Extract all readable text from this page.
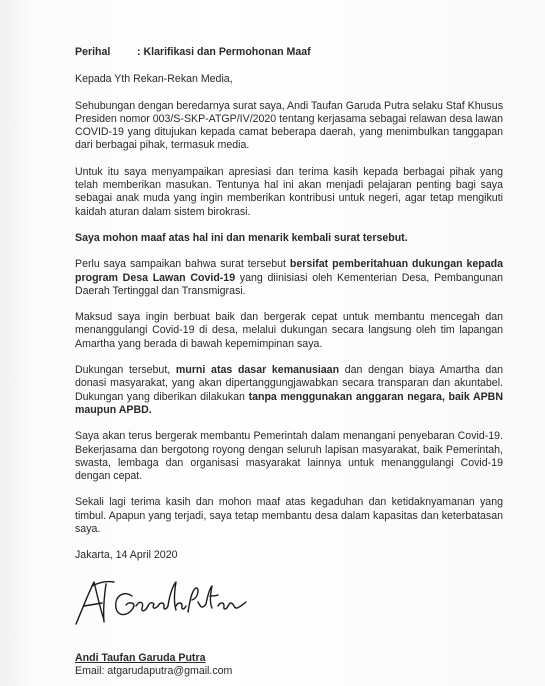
Perihal	: Klarifikasi dan Permohonan Maaf

Kepada Yth Rekan-Rekan Media,

Sehubungan dengan beredarnya surat saya, Andi Taufan Garuda Putra selaku Staf Khusus Presiden nomor 003/S-SKP-ATGP/IV/2020 tentang kerjasama sebagai relawan desa lawan COVID-19 yang ditujukan kepada camat beberapa daerah, yang menimbulkan tanggapan dari berbagai pihak, termasuk media.

Untuk itu saya menyampaikan apresiasi dan terima kasih kepada berbagai pihak yang telah memberikan masukan. Tentunya hal ini akan menjadi pelajaran penting bagi saya sebagai anak muda yang ingin memberikan kontribusi untuk negeri, agar tetap mengikuti kaidah aturan dalam sistem birokrasi.

Saya mohon maaf atas hal ini dan menarik kembali surat tersebut.

Perlu saya sampaikan bahwa surat tersebut bersifat pemberitahuan dukungan kepada program Desa Lawan Covid-19 yang diinisiasi oleh Kementerian Desa, Pembangunan Daerah Tertinggal dan Transmigrasi.

Maksud saya ingin berbuat baik dan bergerak cepat untuk membantu mencegah dan menanggulangi Covid-19 di desa, melalui dukungan secara langsung oleh tim lapangan Amartha yang berada di bawah kepemimpinan saya.

Dukungan tersebut, murni atas dasar kemanusiaan dan dengan biaya Amartha dan donasi masyarakat, yang akan dipertanggungjawabkan secara transparan dan akuntabel. Dukungan yang diberikan dilakukan tanpa menggunakan anggaran negara, baik APBN maupun APBD.

Saya akan terus bergerak membantu Pemerintah dalam menangani penyebaran Covid-19. Bekerjasama dan bergotong royong dengan seluruh lapisan masyarakat, baik Pemerintah, swasta, lembaga dan organisasi masyarakat lainnya untuk menanggulangi Covid-19 dengan cepat.

Sekali lagi terima kasih dan mohon maaf atas kegaduhan dan ketidaknyamanan yang timbul. Apapun yang terjadi, saya tetap membantu desa dalam kapasitas dan keterbatasan saya.

Jakarta, 14 April 2020

Andi Taufan Garuda Putra
Email: atgarudaputra@gmail.com
